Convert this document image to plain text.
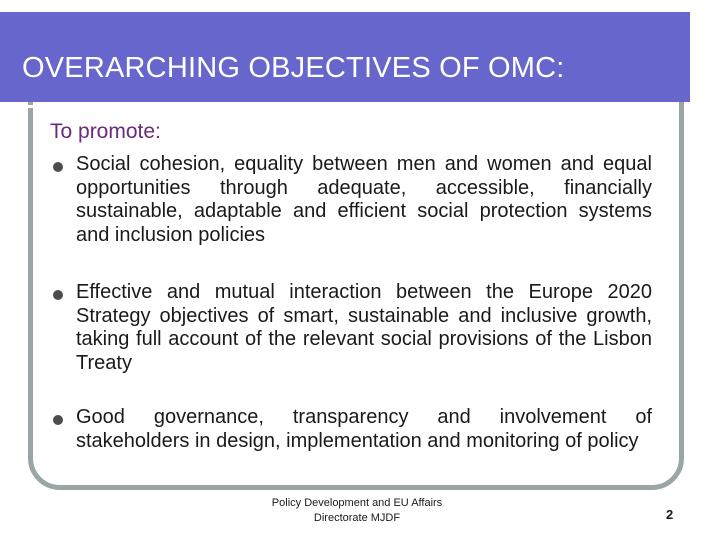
OVERARCHING OBJECTIVES OF OMC:
To promote:
Social cohesion, equality between men and women and equal opportunities through adequate, accessible, financially sustainable, adaptable and efficient social protection systems and inclusion policies
Effective and mutual interaction between the Europe 2020 Strategy objectives of smart, sustainable and inclusive growth, taking full account of the relevant social provisions of the Lisbon Treaty
Good governance, transparency and involvement of stakeholders in design, implementation and monitoring of policy
Policy Development and EU Affairs
Directorate MJDF	2
